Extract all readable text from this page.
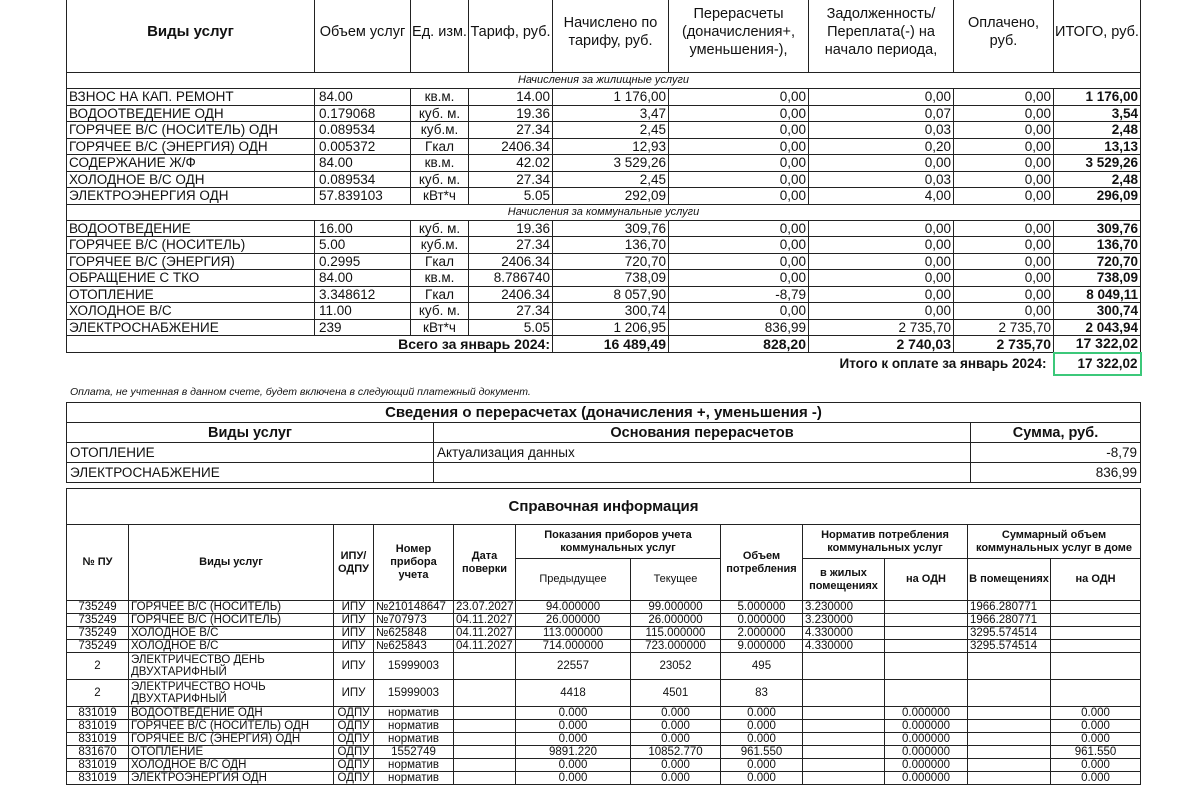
Виды услуг	Объем услуг	Ед. изм.	Тариф, руб.	Начислено по тарифу, руб.	Перерасчеты (доначисления+, уменьшения-),	Задолженность/ Переплата(-) на начало периода,	Оплачено, руб.	ИТОГО, руб.
Начисления за жилищные услуги								
ВЗНОС НА КАП. РЕМОНТ	84.00	кв.м.	14.00	1 176,00	0,00	0,00	0,00	1 176,00
ВОДООТВЕДЕНИЕ ОДН	0.179068	куб. м.	19.36	3,47	0,00	0,07	0,00	3,54
ГОРЯЧЕЕ В/С (НОСИТЕЛЬ) ОДН	0.089534	куб.м.	27.34	2,45	0,00	0,03	0,00	2,48
ГОРЯЧЕЕ В/С (ЭНЕРГИЯ) ОДН	0.005372	Гкал	2406.34	12,93	0,00	0,20	0,00	13,13
СОДЕРЖАНИЕ Ж/Ф	84.00	кв.м.	42.02	3 529,26	0,00	0,00	0,00	3 529,26
ХОЛОДНОЕ В/С ОДН	0.089534	куб. м.	27.34	2,45	0,00	0,03	0,00	2,48
ЭЛЕКТРОЭНЕРГИЯ ОДН	57.839103	кВт*ч	5.05	292,09	0,00	4,00	0,00	296,09
Начисления за коммунальные услуги								
ВОДООТВЕДЕНИЕ	16.00	куб. м.	19.36	309,76	0,00	0,00	0,00	309,76
ГОРЯЧЕЕ В/С (НОСИТЕЛЬ)	5.00	куб.м.	27.34	136,70	0,00	0,00	0,00	136,70
ГОРЯЧЕЕ В/С (ЭНЕРГИЯ)	0.2995	Гкал	2406.34	720,70	0,00	0,00	0,00	720,70
ОБРАЩЕНИЕ С ТКО	84.00	кв.м.	8.786740	738,09	0,00	0,00	0,00	738,09
ОТОПЛЕНИЕ	3.348612	Гкал	2406.34	8 057,90	-8,79	0,00	0,00	8 049,11
ХОЛОДНОЕ В/С	11.00	куб. м.	27.34	300,74	0,00	0,00	0,00	300,74
ЭЛЕКТРОСНАБЖЕНИЕ	239	кВт*ч	5.05	1 206,95	836,99	2 735,70	2 735,70	2 043,94
Всего за январь 2024:				16 489,49	828,20	2 740,03	2 735,70	17 322,02
Итого к оплате за январь 2024:								17 322,02
Оплата, не учтенная в данном счете, будет включена в следующий платежный документ.
Сведения о перерасчетах (доначисления +, уменьшения -)		
Виды услуг	Основания перерасчетов	Сумма, руб.
ОТОПЛЕНИЕ	Актуализация данных	-8,79
ЭЛЕКТРОСНАБЖЕНИЕ		836,99
Справочная информация											
№ ПУ	Виды услуг	ИПУ/ ОДПУ	Номер прибора учета	Дата поверки	Показания приборов учета коммунальных услуг		Объем потребления	Норматив потребления коммунальных услуг		Суммарный объем коммунальных услуг в доме	
					Предыдущее	Текущее		в жилых помещениях	на ОДН	В помещениях	на ОДН
735249	ГОРЯЧЕЕ В/С (НОСИТЕЛЬ)	ИПУ	№210148647	23.07.2027	94.000000	99.000000	5.000000	3.230000		1966.280771	
735249	ГОРЯЧЕЕ В/С (НОСИТЕЛЬ)	ИПУ	№707973	04.11.2027	26.000000	26.000000	0.000000	3.230000		1966.280771	
735249	ХОЛОДНОЕ В/С	ИПУ	№625848	04.11.2027	113.000000	115.000000	2.000000	4.330000		3295.574514	
735249	ХОЛОДНОЕ В/С	ИПУ	№625843	04.11.2027	714.000000	723.000000	9.000000	4.330000		3295.574514	
2	ЭЛЕКТРИЧЕСТВО ДЕНЬ ДВУХТАРИФНЫЙ	ИПУ	15999003		22557	23052	495				
2	ЭЛЕКТРИЧЕСТВО НОЧЬ ДВУХТАРИФНЫЙ	ИПУ	15999003		4418	4501	83				
831019	ВОДООТВЕДЕНИЕ ОДН	ОДПУ	норматив		0.000	0.000	0.000		0.000000		0.000
831019	ГОРЯЧЕЕ В/С (НОСИТЕЛЬ) ОДН	ОДПУ	норматив		0.000	0.000	0.000		0.000000		0.000
831019	ГОРЯЧЕЕ В/С (ЭНЕРГИЯ) ОДН	ОДПУ	норматив		0.000	0.000	0.000		0.000000		0.000
831670	ОТОПЛЕНИЕ	ОДПУ	1552749		9891.220	10852.770	961.550		0.000000		961.550
831019	ХОЛОДНОЕ В/С ОДН	ОДПУ	норматив		0.000	0.000	0.000		0.000000		0.000
831019	ЭЛЕКТРОЭНЕРГИЯ ОДН	ОДПУ	норматив		0.000	0.000	0.000		0.000000		0.000
